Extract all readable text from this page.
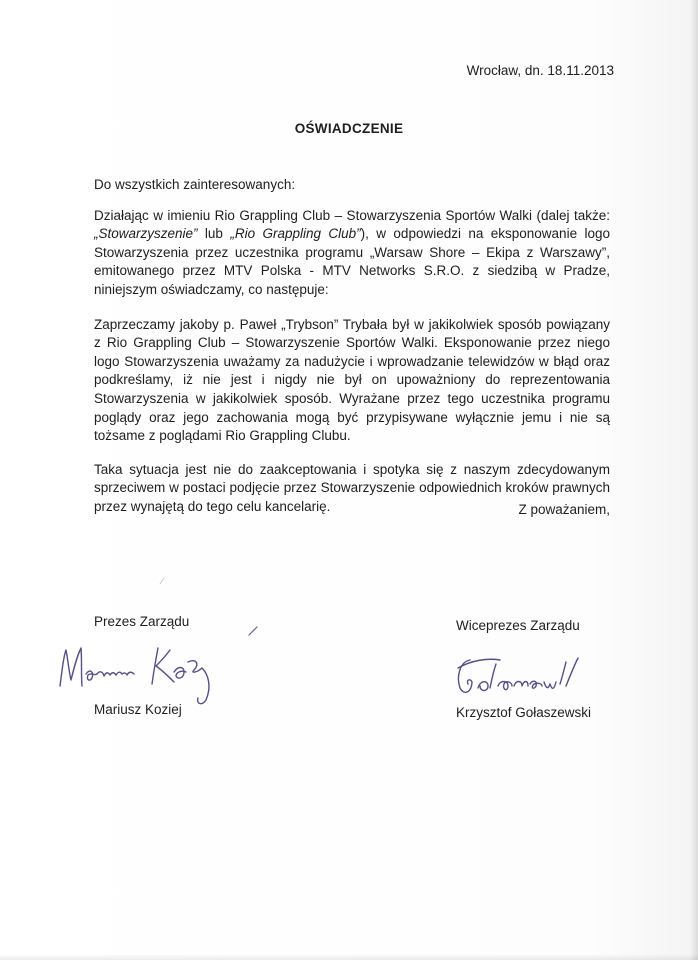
Wrocław, dn. 18.11.2013
OŚWIADCZENIE

Do wszystkich zainteresowanych:

Działając w imieniu Rio Grappling Club – Stowarzyszenia Sportów Walki (dalej także: „Stowarzyszenie” lub „Rio Grappling Club”), w odpowiedzi na eksponowanie logo Stowarzyszenia przez uczestnika programu „Warsaw Shore – Ekipa z Warszawy”, emitowanego przez MTV Polska - MTV Networks S.R.O. z siedzibą w Pradze, niniejszym oświadczamy, co następuje:

Zaprzeczamy jakoby p. Paweł „Trybson” Trybała był w jakikolwiek sposób powiązany z Rio Grappling Club – Stowarzyszenie Sportów Walki. Eksponowanie przez niego logo Stowarzyszenia uważamy za nadużycie i wprowadzanie telewidzów w błąd oraz podkreślamy, iż nie jest i nigdy nie był on upoważniony do reprezentowania Stowarzyszenia w jakikolwiek sposób. Wyrażane przez tego uczestnika programu poglądy oraz jego zachowania mogą być przypisywane wyłącznie jemu i nie są tożsame z poglądami Rio Grappling Clubu.

Taka sytuacja jest nie do zaakceptowania i spotyka się z naszym zdecydowanym sprzeciwem w postaci podjęcie przez Stowarzyszenie odpowiednich kroków prawnych przez wynajętą do tego celu kancelarię.	Z poważaniem,
Prezes Zarządu
Mariusz Koziej
Wiceprezes Zarządu
Krzysztof Gołaszewski
